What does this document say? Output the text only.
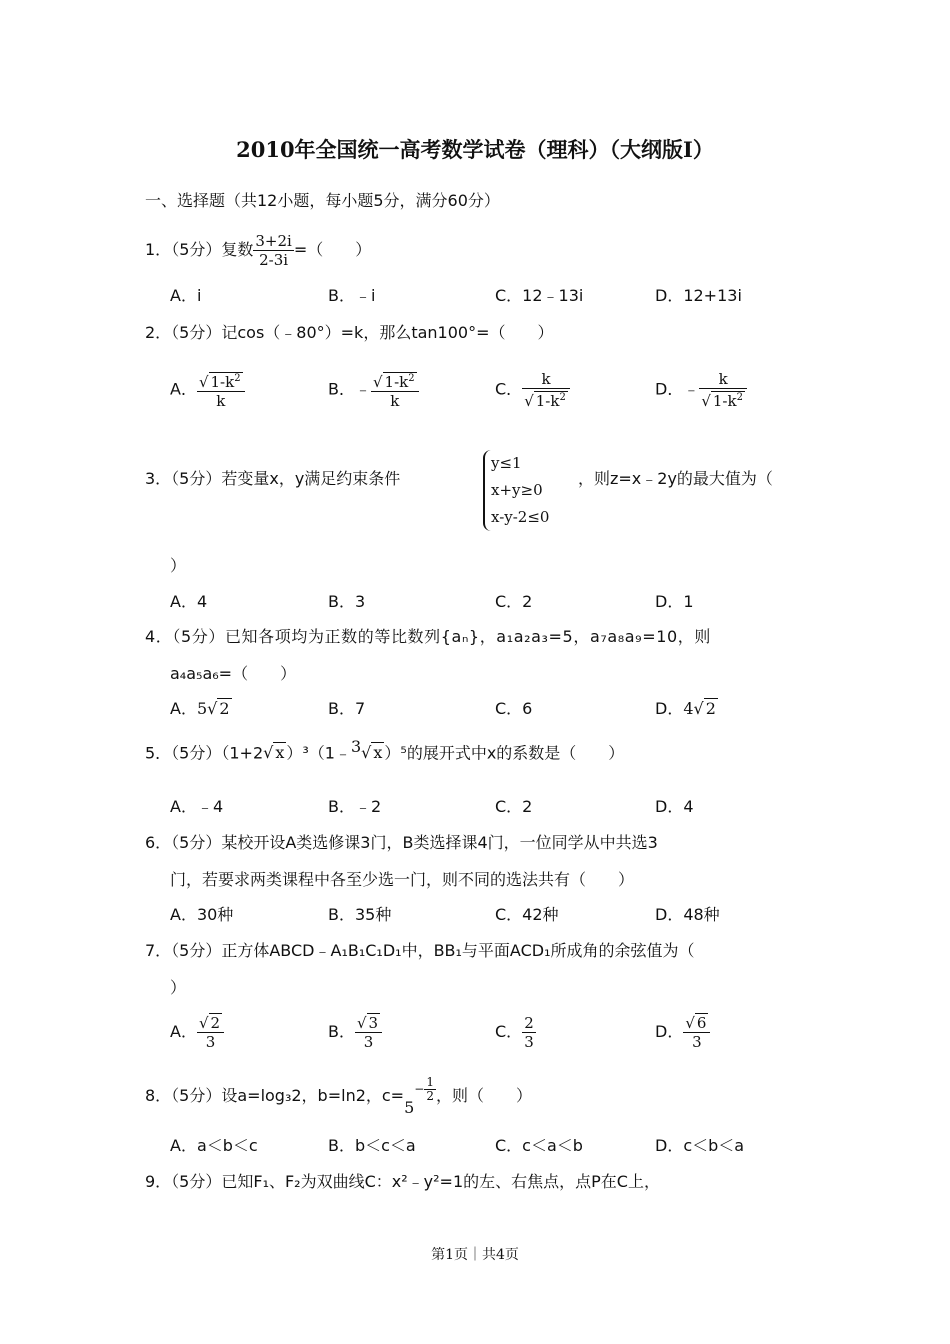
2010年全国统一高考数学试卷（理科）（大纲版Ⅰ）
一、选择题（共12小题，每小题5分，满分60分）
1．（5分）复数 $\frac{3+2i}{2-3i}$ =（　　）
A．i	B．﹣i	C．12﹣13i	D．12+13i
2．（5分）记cos（﹣80°）=k，那么tan100°=（　　）
A． $\frac{√ 1-k^2}{k}$	B．﹣ $\frac{√ 1-k^2}{k}$	C． $\frac{k}{√ 1-k^2}$	D．﹣ $\frac{k}{√ 1-k^2}$
3．（5分）若变量x，y满足约束条件
y≤1
x+y≥0
x-y-2≤0
，则z=x﹣2y的最大值为（
）
A．4	B．3	C．2	D．1
4．（5分）已知各项均为正数的等比数列{aₙ}，a₁a₂a₃=5，a₇a₈a₉=10，则
a₄a₅a₆=（　　）
A．5√ 2	B．7	C．6	D．4√ 2
5．（5分）（1+2√ x ）³（1﹣$^3$√ x ）⁵的展开式中x的系数是（　　）
A．﹣4	B．﹣2	C．2	D．4
6．（5分）某校开设A类选修课3门，B类选择课4门，一位同学从中共选3
门，若要求两类课程中各至少选一门，则不同的选法共有（　　）
A．30种	B．35种	C．42种	D．48种
7．（5分）正方体ABCD﹣A₁B₁C₁D₁中，BB₁与平面ACD₁所成角的余弦值为（
）
A． $\frac{√ 2}{3}$	B． $\frac{√ 3}{3}$	C． $\frac{2}{3}$	D． $\frac{√ 6}{3}$
8．（5分）设a=log₃2，b=ln2，$c=5- \frac{1}{2}$ ，则（　　）
A．a＜b＜c	B．b＜c＜a	C．c＜a＜b	D．c＜b＜a
9．（5分）已知F₁、F₂为双曲线C：x²﹣y²=1的左、右焦点，点P在C上，
第1页｜共4页
